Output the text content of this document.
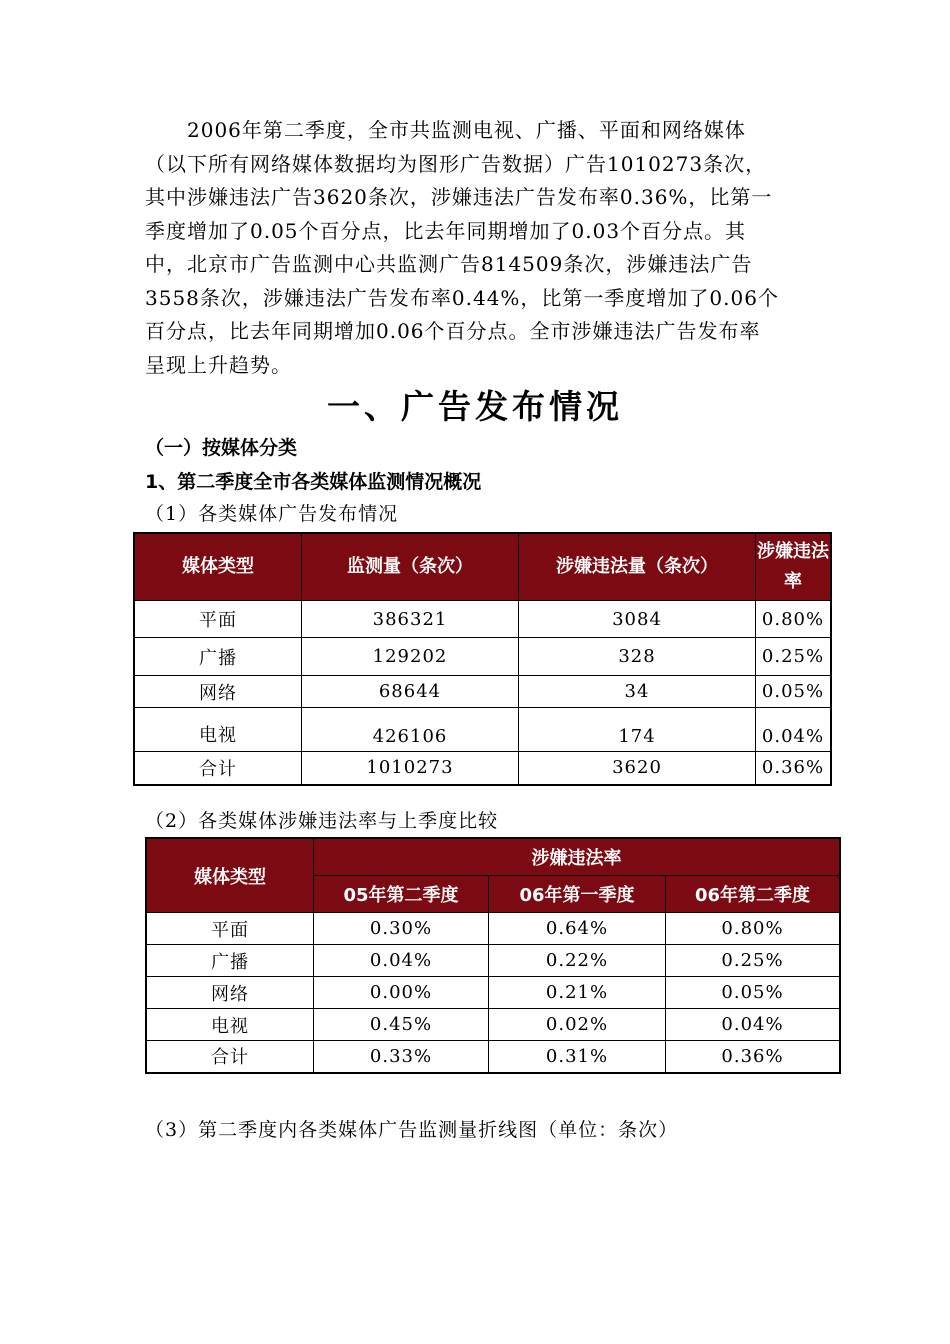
2006年第二季度，全市共监测电视、广播、平面和网络媒体

（以下所有网络媒体数据均为图形广告数据）广告1010273条次，

其中涉嫌违法广告3620条次，涉嫌违法广告发布率0.36%，比第一

季度增加了0.05个百分点，比去年同期增加了0.03个百分点。其

中，北京市广告监测中心共监测广告814509条次，涉嫌违法广告

3558条次，涉嫌违法广告发布率0.44%，比第一季度增加了0.06个

百分点，比去年同期增加0.06个百分点。全市涉嫌违法广告发布率

呈现上升趋势。

一、广告发布情况
（一）按媒体分类
1、第二季度全市各类媒体监测情况概况
（1）各类媒体广告发布情况
媒体类型	监测量（条次）	涉嫌违法量（条次）	涉嫌违法率
平面	386321	3084	0.80%
广播	129202	328	0.25%
网络	68644	34	0.05%
电视	426106	174	0.04%
合计	1010273	3620	0.36%
（2）各类媒体涉嫌违法率与上季度比较
媒体类型	涉嫌违法率		
	05年第二季度	06年第一季度	06年第二季度
平面	0.30%	0.64%	0.80%
广播	0.04%	0.22%	0.25%
网络	0.00%	0.21%	0.05%
电视	0.45%	0.02%	0.04%
合计	0.33%	0.31%	0.36%
（3）第二季度内各类媒体广告监测量折线图（单位：条次）
